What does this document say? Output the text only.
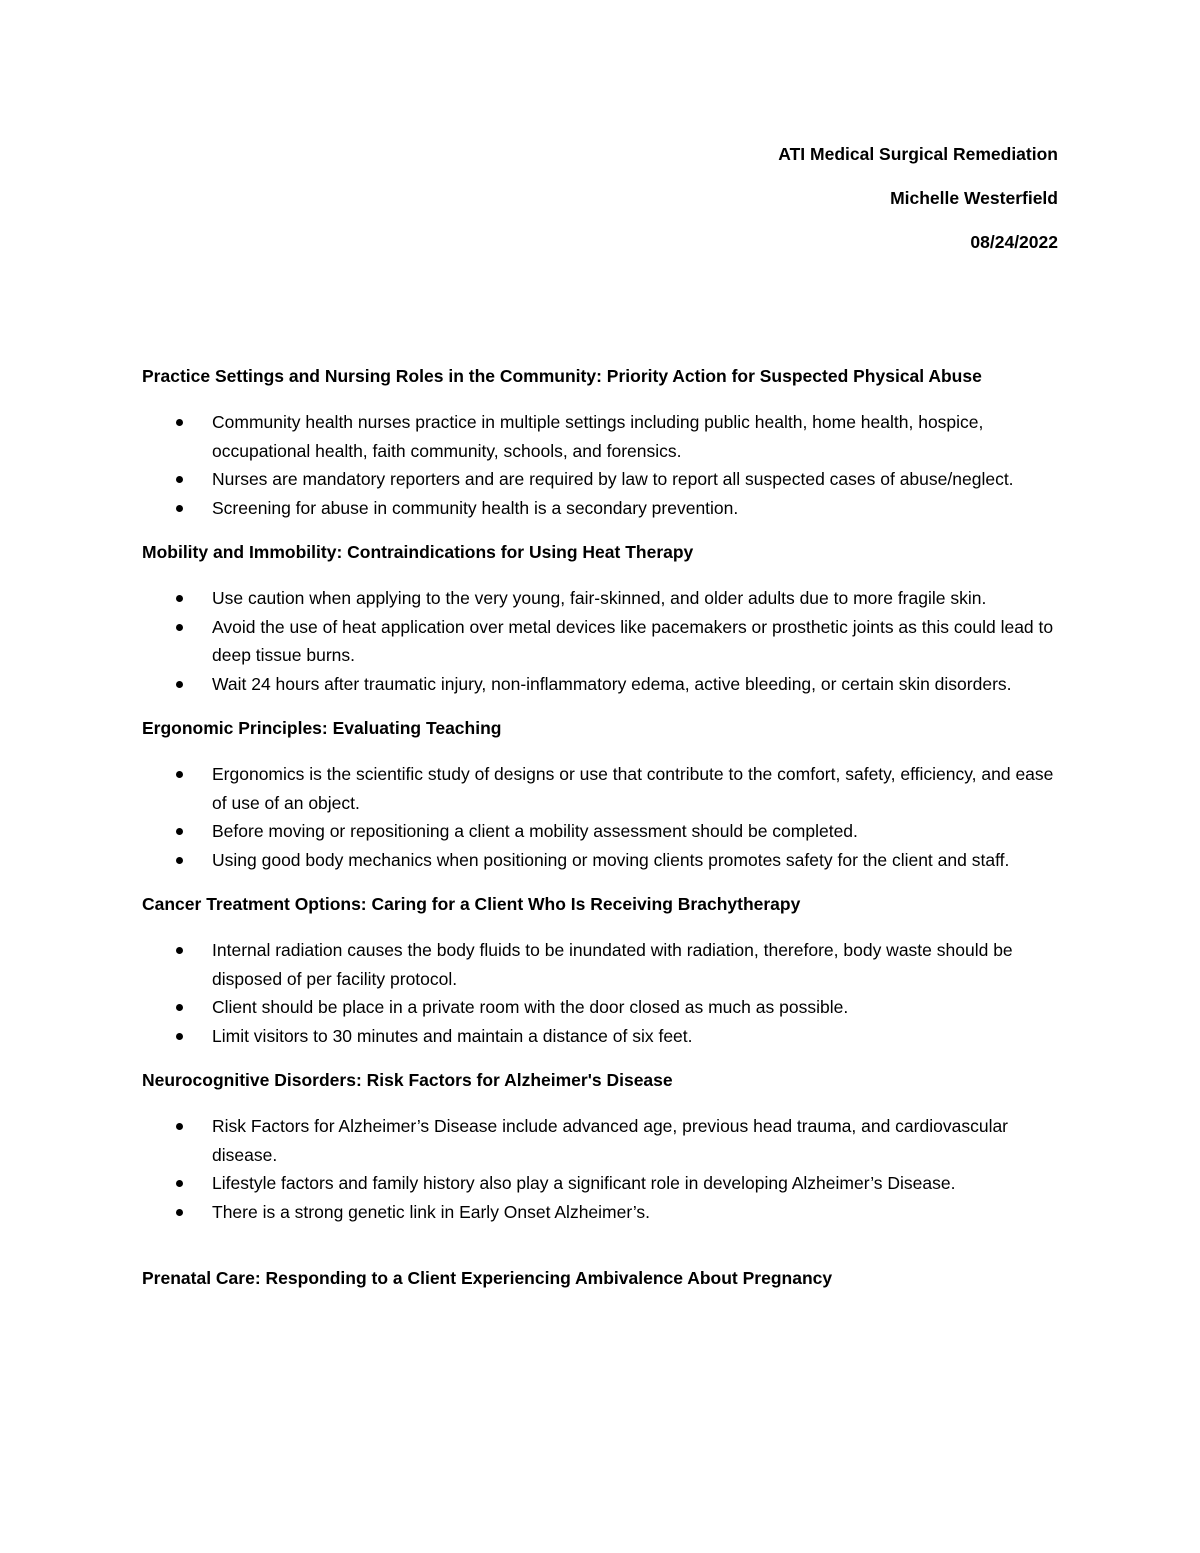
ATI Medical Surgical Remediation
Michelle Westerfield
08/24/2022
Practice Settings and Nursing Roles in the Community: Priority Action for Suspected Physical Abuse
Community health nurses practice in multiple settings including public health, home health, hospice, occupational health, faith community, schools, and forensics.
Nurses are mandatory reporters and are required by law to report all suspected cases of abuse/neglect.
Screening for abuse in community health is a secondary prevention.
Mobility and Immobility: Contraindications for Using Heat Therapy
Use caution when applying to the very young, fair-skinned, and older adults due to more fragile skin.
Avoid the use of heat application over metal devices like pacemakers or prosthetic joints as this could lead to deep tissue burns.
Wait 24 hours after traumatic injury, non-inflammatory edema, active bleeding, or certain skin disorders.
Ergonomic Principles: Evaluating Teaching
Ergonomics is the scientific study of designs or use that contribute to the comfort, safety, efficiency, and ease of use of an object.
Before moving or repositioning a client a mobility assessment should be completed.
Using good body mechanics when positioning or moving clients promotes safety for the client and staff.
Cancer Treatment Options: Caring for a Client Who Is Receiving Brachytherapy
Internal radiation causes the body fluids to be inundated with radiation, therefore, body waste should be disposed of per facility protocol.
Client should be place in a private room with the door closed as much as possible.
Limit visitors to 30 minutes and maintain a distance of six feet.
Neurocognitive Disorders: Risk Factors for Alzheimer's Disease
Risk Factors for Alzheimer’s Disease include advanced age, previous head trauma, and cardiovascular disease.
Lifestyle factors and family history also play a significant role in developing Alzheimer’s Disease.
There is a strong genetic link in Early Onset Alzheimer’s.
Prenatal Care: Responding to a Client Experiencing Ambivalence About Pregnancy
